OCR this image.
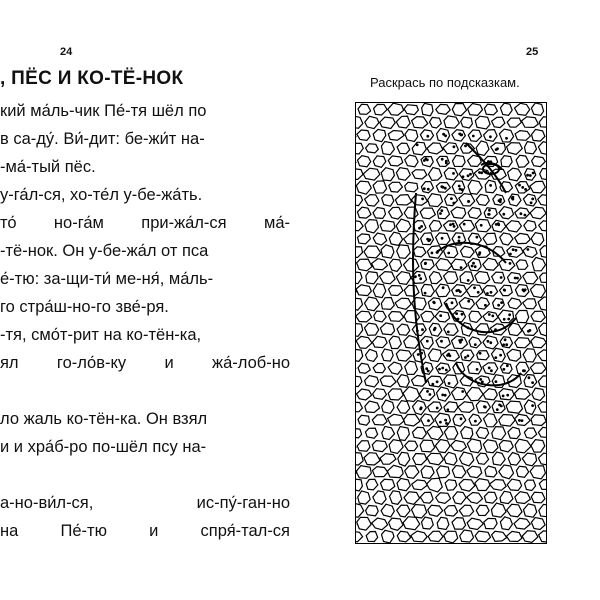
24
, ПЁС И КО-ТЁ-НОК
кий ма́ль-чик Пе́-тя шёл по
в са-ду́. Ви́-дит: бе-жи́т на-
-ма́-тый пёс.
у-га́л-ся, хо-те́л у-бе-жа́ть.
то́ но-га́м при-жа́л-ся ма́-
-тё-нок. Он у-бе-жа́л от пса
е́-тю: за-щи-ти́ ме-ня́, ма́ль-
го стра́ш-но-го зве́-ря.
-тя, смо́т-рит на ко-тён-ка,
ял го-ло́в-ку и жа́-лоб-но
ло жаль ко-тён-ка. Он взял
и и хра́б-ро по-шёл псу на-
а-но-ви́л-ся, ис-пу́-ган-но
на Пе́-тю и спря́-тал-ся
25
Раскрась по подсказкам.
